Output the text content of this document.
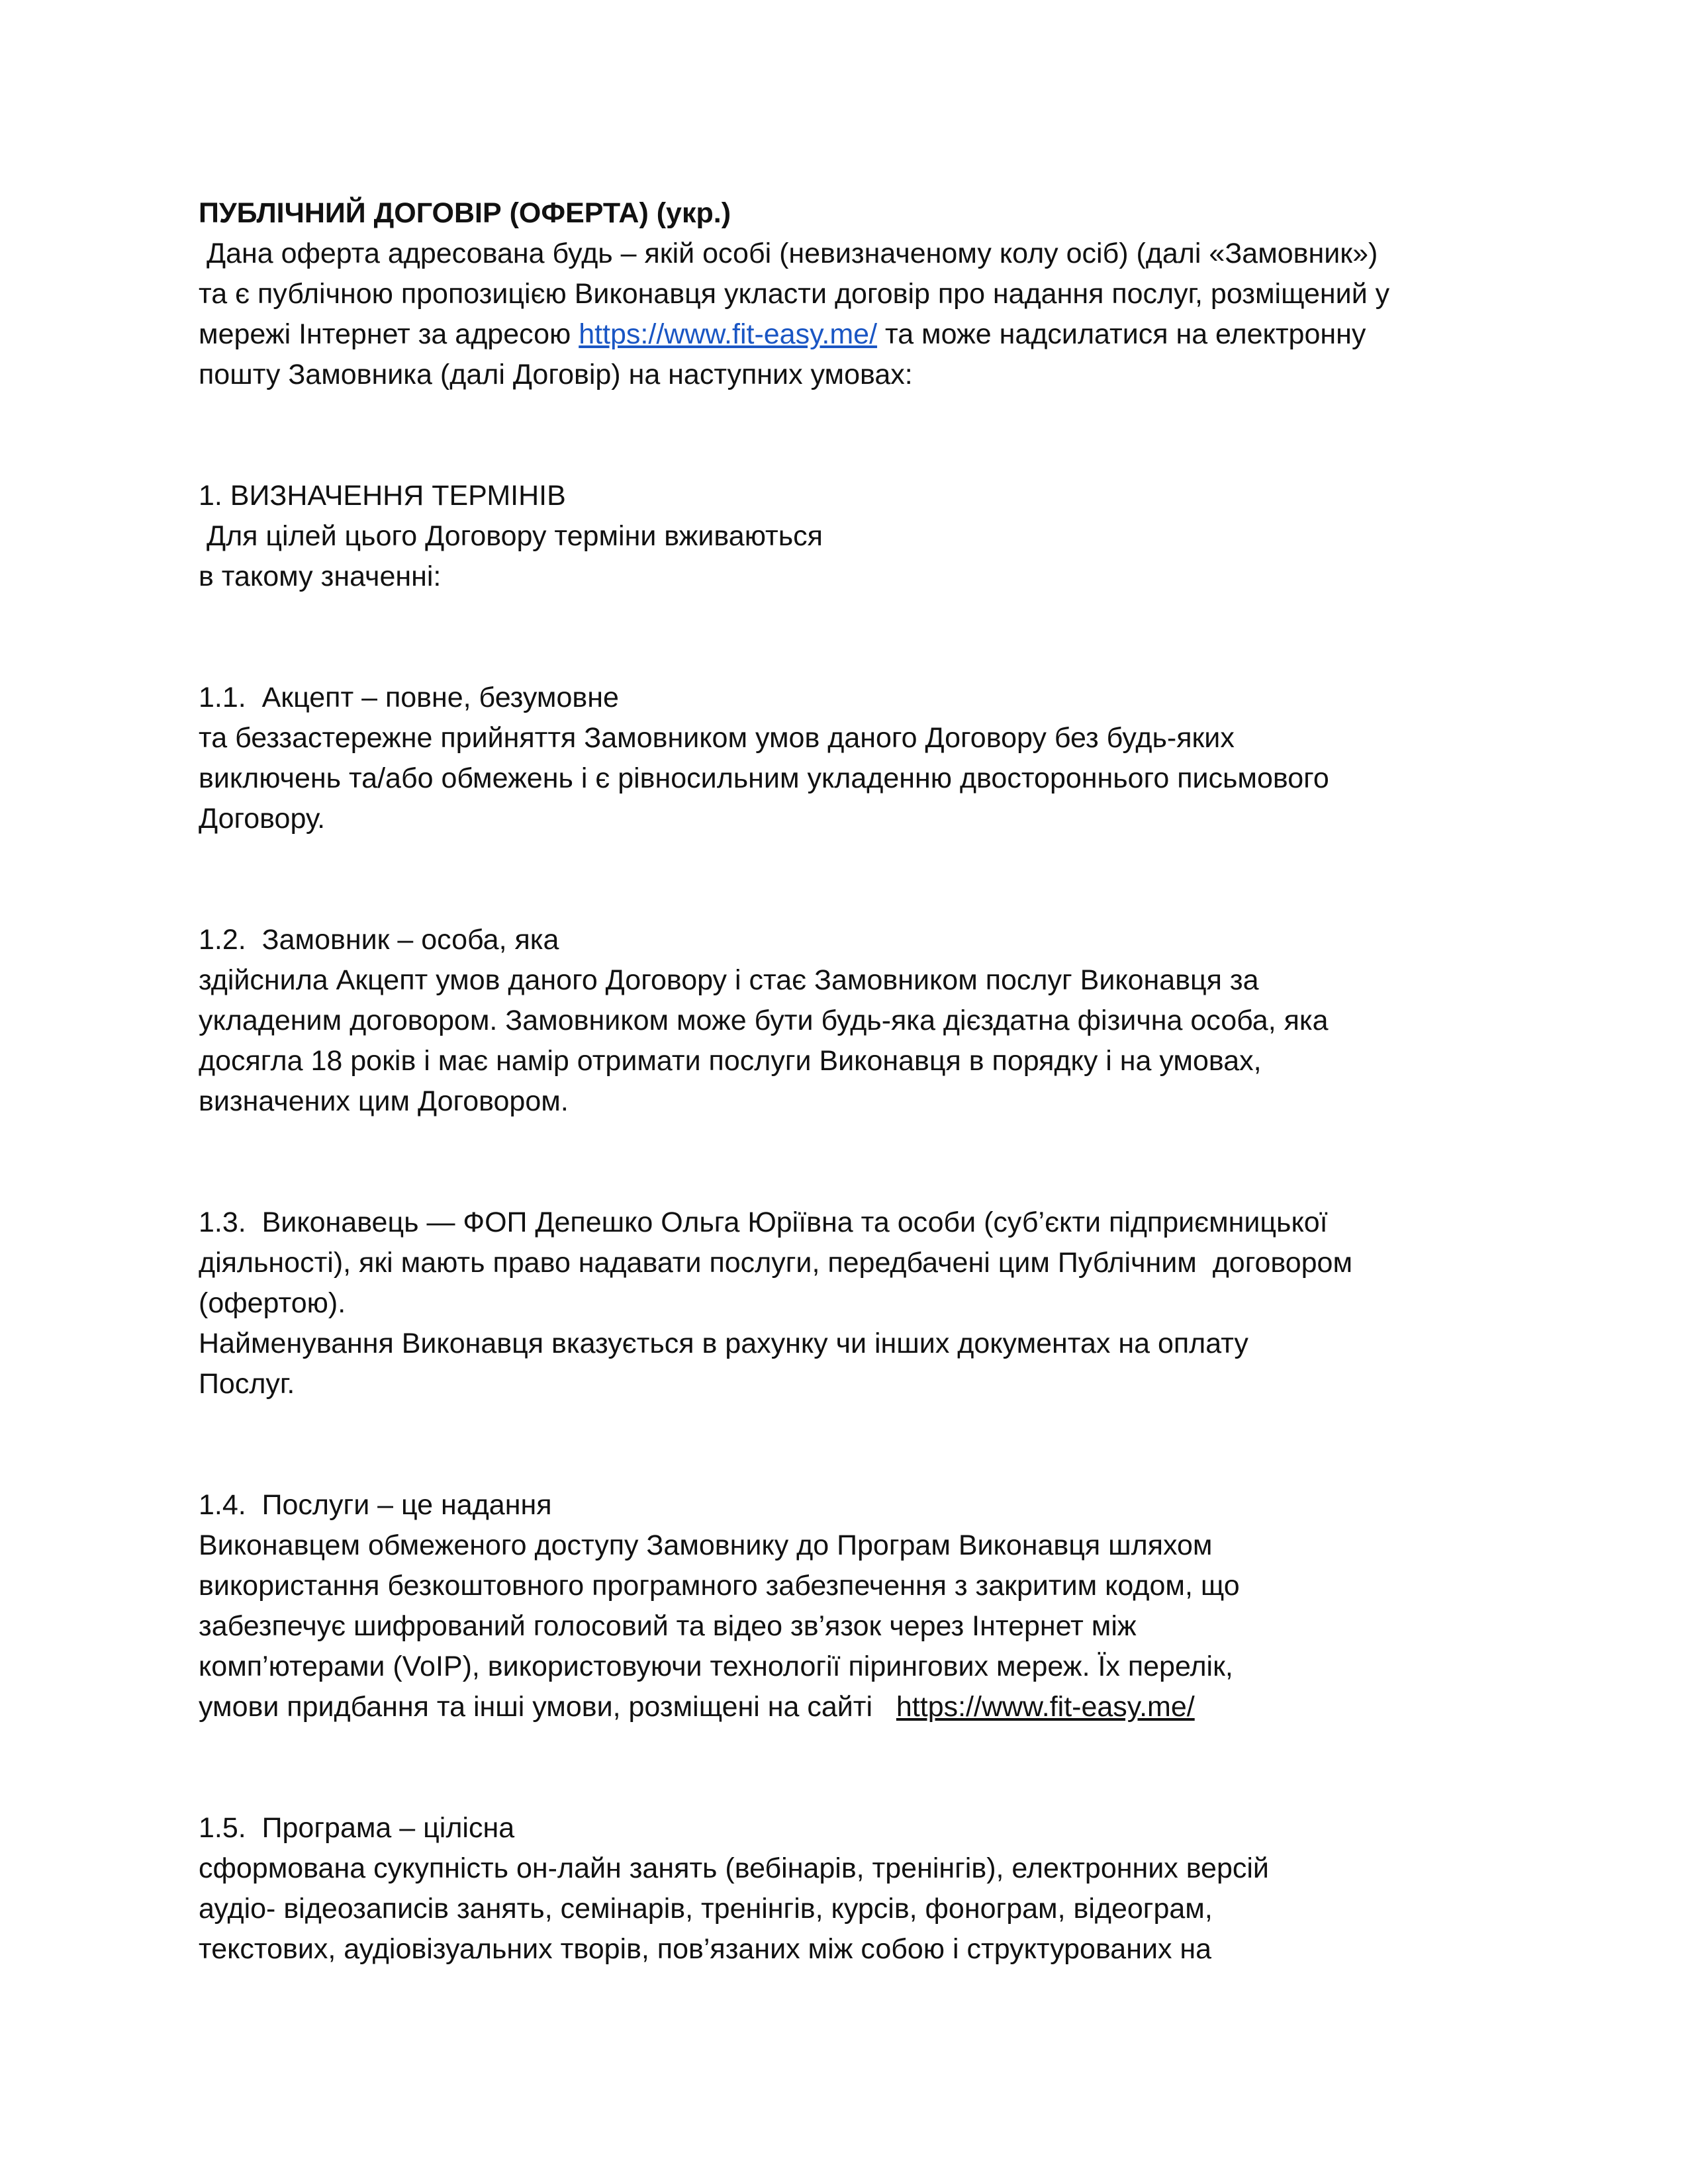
ПУБЛІЧНИЙ ДОГОВІР (ОФЕРТА) (укр.)

Дана оферта адресована будь – якій особі (невизначеному колу осіб) (далі «Замовник»)

та є публічною пропозицією Виконавця укласти договір про надання послуг, розміщений у

мережі Інтернет за адресою https://www.fit-easy.me/ та може надсилатися на електронну

пошту Замовника (далі Договір) на наступних умовах:

1. ВИЗНАЧЕННЯ ТЕРМІНІВ

Для цілей цього Договору терміни вживаються

в такому значенні:

1.1.  Акцепт – повне, безумовне

та беззастережне прийняття Замовником умов даного Договору без будь-яких

виключень та/або обмежень і є рівносильним укладенню двостороннього письмового

Договору.

1.2.  Замовник – особа, яка

здійснила Акцепт умов даного Договору і стає Замовником послуг Виконавця за

укладеним договором. Замовником може бути будь-яка дієздатна фізична особа, яка

досягла 18 років і має намір отримати послуги Виконавця в порядку і на умовах,

визначених цим Договором.

1.3.  Виконавець — ФОП Депешко Ольга Юріївна та особи (суб’єкти підприємницької

діяльності), які мають право надавати послуги, передбачені цим Публічним  договором

(офертою).

Найменування Виконавця вказується в рахунку чи інших документах на оплату

Послуг.

1.4.  Послуги – це надання

Виконавцем обмеженого доступу Замовнику до Програм Виконавця шляхом

використання безкоштовного програмного забезпечення з закритим кодом, що

забезпечує шифрований голосовий та відео зв’язок через Інтернет між

комп’ютерами (VoIP), використовуючи технології пірингових мереж. Їх перелік,

умови придбання та інші умови, розміщені на сайті   https://www.fit-easy.me/

1.5.  Програма – цілісна

сформована сукупність он-лайн занять (вебінарів, тренінгів), електронних версій

аудіо- відеозаписів занять, семінарів, тренінгів, курсів, фонограм, відеограм,

текстових, аудіовізуальних творів, пов’язаних між собою і структурованих на
